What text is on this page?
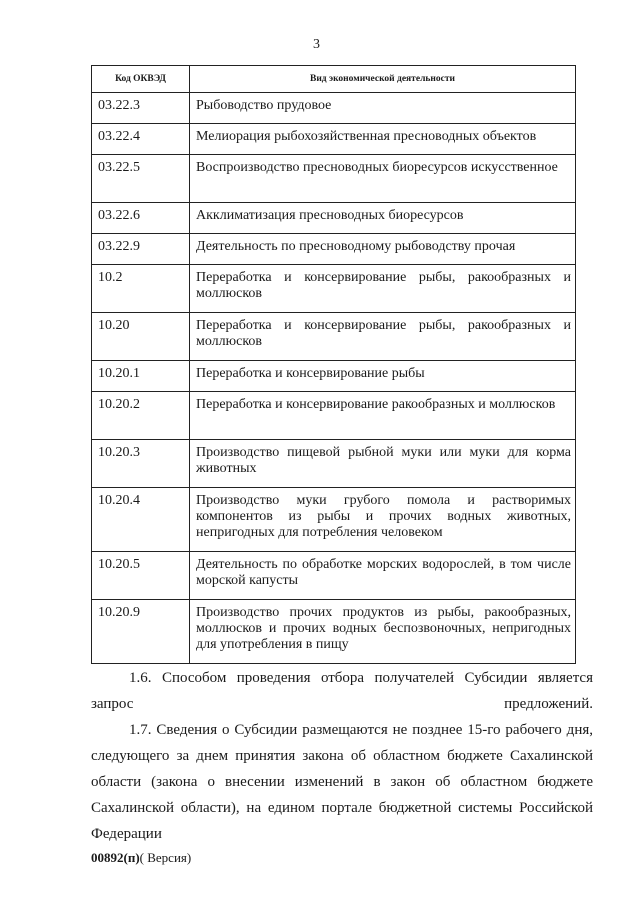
3
Код ОКВЭД	Вид экономической деятельности
03.22.3	Рыбоводство прудовое
03.22.4	Мелиорация рыбохозяйственная пресноводных объектов
03.22.5	Воспроизводство пресноводных биоресурсов искусственное
03.22.6	Акклиматизация пресноводных биоресурсов
03.22.9	Деятельность по пресноводному рыбоводству прочая
10.2	Переработка и консервирование рыбы, ракообразных и моллюсков
10.20	Переработка и консервирование рыбы, ракообразных и моллюсков
10.20.1	Переработка и консервирование рыбы
10.20.2	Переработка и консервирование ракообразных и моллюсков
10.20.3	Производство пищевой рыбной муки или муки для корма животных
10.20.4	Производство муки грубого помола и растворимых компонентов из рыбы и прочих водных животных, непригодных для потребления человеком
10.20.5	Деятельность по обработке морских водорослей, в том числе морской капусты
10.20.9	Производство прочих продуктов из рыбы, ракообразных, моллюсков и прочих водных беспозвоночных, непригодных для употребления в пищу
1.6. Способом проведения отбора получателей Субсидии является запрос предложений.
1.7. Сведения о Субсидии размещаются не позднее 15-го рабочего дня, следующего за днем принятия закона об областном бюджете Сахалинской области (закона о внесении изменений в закон об областном бюджете Сахалинской области), на едином портале бюджетной системы Российской Федерации
00892(п)( Версия)
